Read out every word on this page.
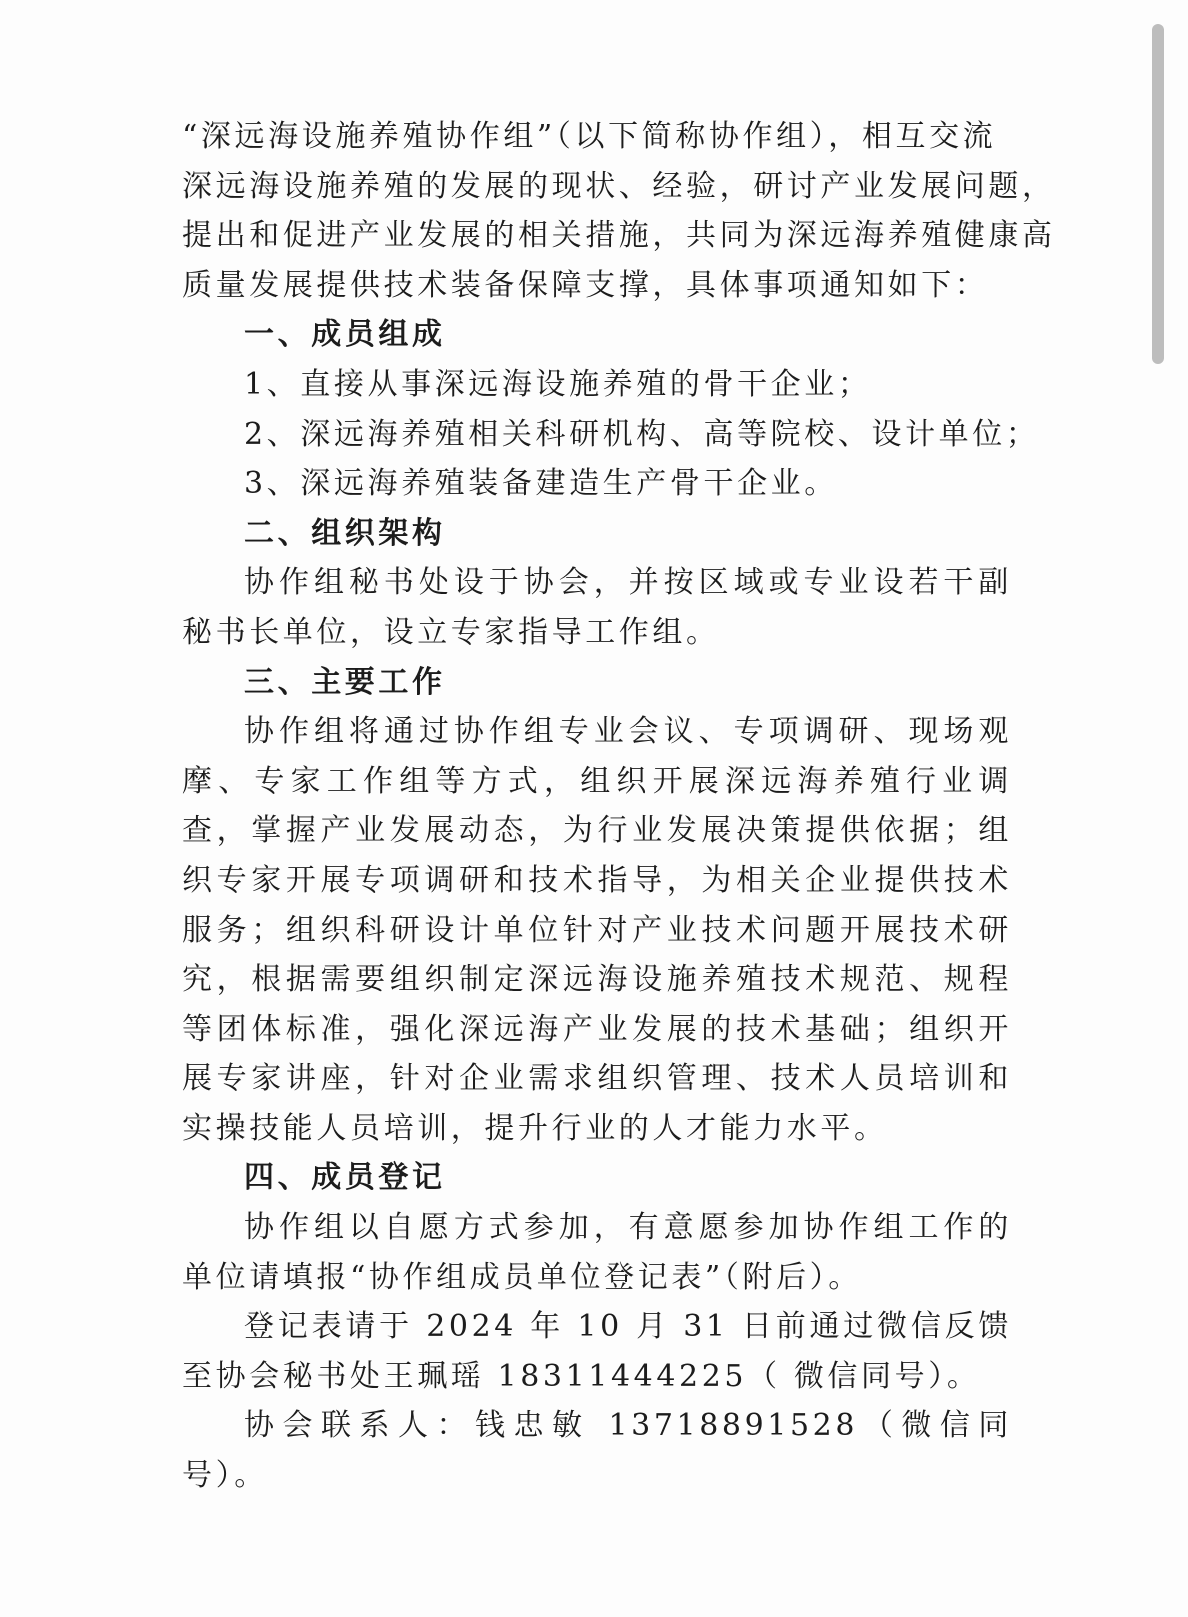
“深远海设施养殖协作组”（以下简称协作组），相互交流
深远海设施养殖的发展的现状、经验，研讨产业发展问题，
提出和促进产业发展的相关措施，共同为深远海养殖健康高
质量发展提供技术装备保障支撑，具体事项通知如下：

一、成员组成

1、直接从事深远海设施养殖的骨干企业；

2、深远海养殖相关科研机构、高等院校、设计单位；

3、深远海养殖装备建造生产骨干企业。

二、组织架构

协作组秘书处设于协会，并按区域或专业设若干副秘书长单位，设立专家指导工作组。

三、主要工作

协作组将通过协作组专业会议、专项调研、现场观摩、专家工作组等方式，组织开展深远海养殖行业调查，掌握产业发展动态，为行业发展决策提供依据；组织专家开展专项调研和技术指导，为相关企业提供技术服务；组织科研设计单位针对产业技术问题开展技术研究，根据需要组织制定深远海设施养殖技术规范、规程等团体标准，强化深远海产业发展的技术基础；组织开展专家讲座，针对企业需求组织管理、技术人员培训和实操技能人员培训，提升行业的人才能力水平。

四、成员登记

协作组以自愿方式参加，有意愿参加协作组工作的单位请填报“协作组成员单位登记表”（附后）。

登记表请于 2024 年 10 月 31 日前通过微信反馈至协会秘书处王珮瑶 18311444225（ 微信同号）。

协会联系人：钱忠敏 13718891528（微信同号）。
